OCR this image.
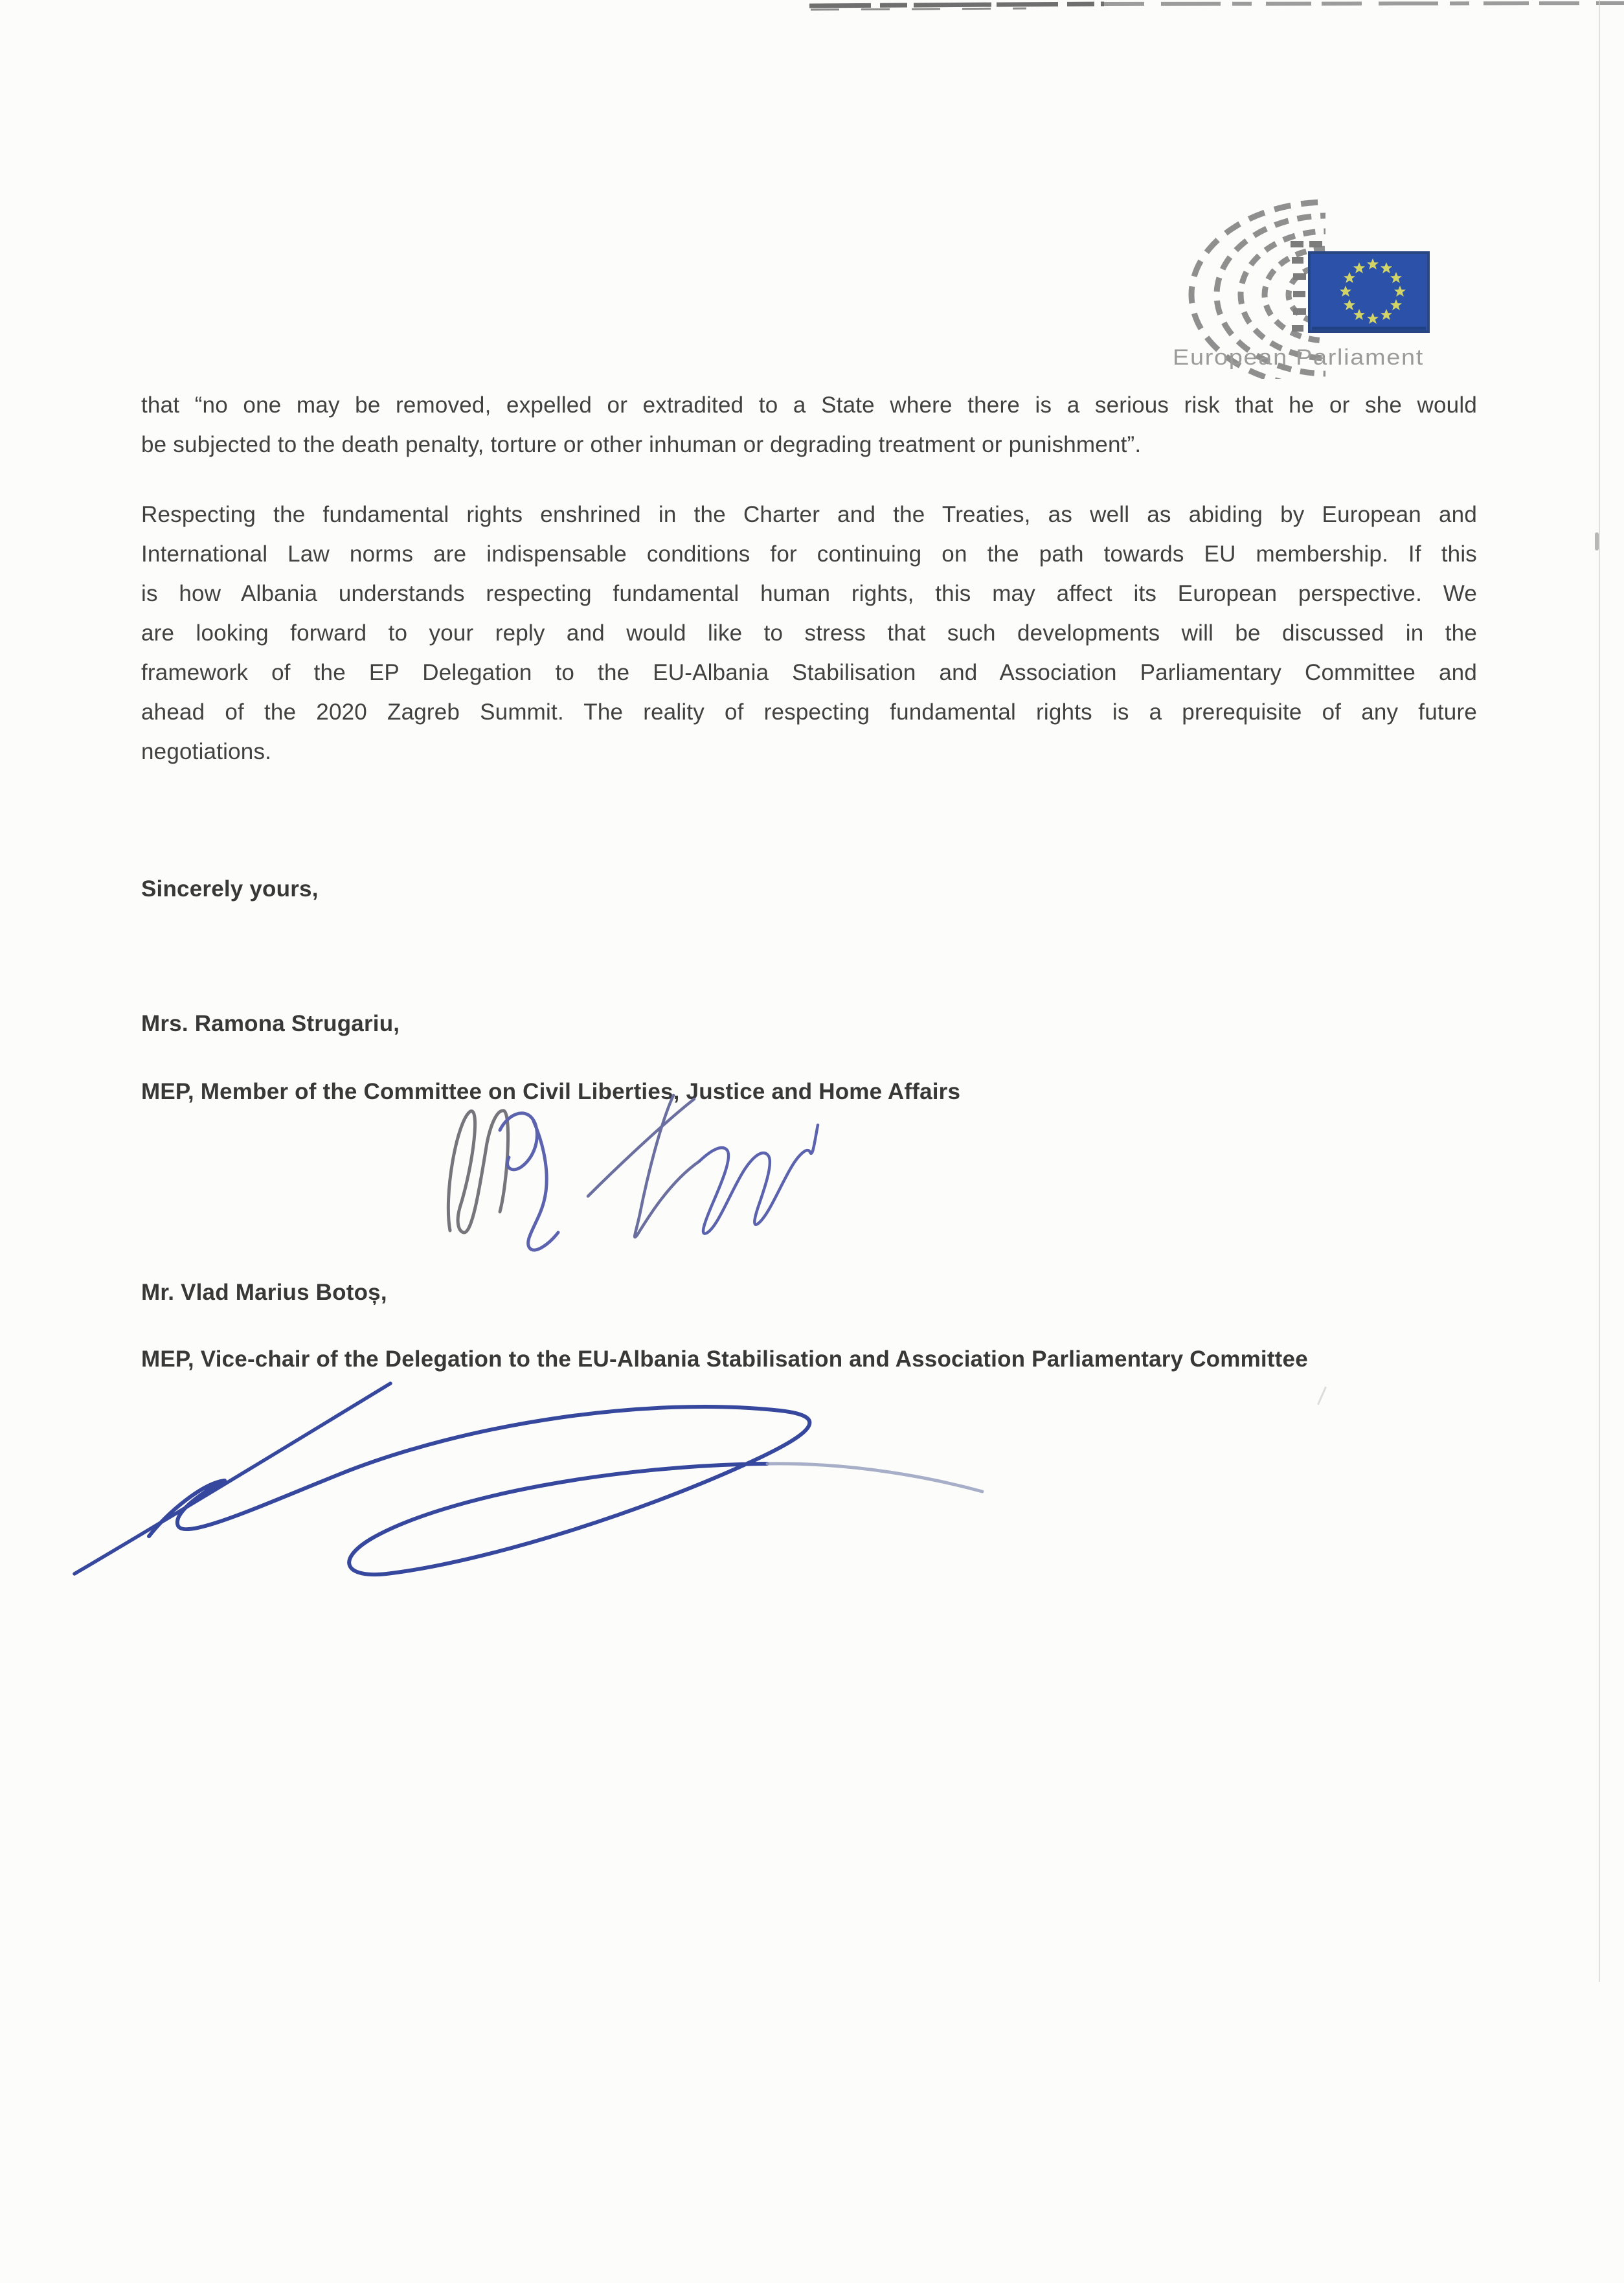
European Parliament
that “no one may be removed, expelled or extradited to a State where there is a serious risk that he or she would
be subjected to the death penalty, torture or other inhuman or degrading treatment or punishment”.
Respecting the fundamental rights enshrined in the Charter and the Treaties, as well as abiding by European and
International Law norms are indispensable conditions for continuing on the path towards EU membership. If this
is how Albania understands respecting fundamental human rights, this may affect its European perspective. We
are looking forward to your reply and would like to stress that such developments will be discussed in the
framework of the EP Delegation to the EU-Albania Stabilisation and Association Parliamentary Committee and
ahead of the 2020 Zagreb Summit. The reality of respecting fundamental rights is a prerequisite of any future
negotiations.
Sincerely yours,
Mrs. Ramona Strugariu,
MEP, Member of the Committee on Civil Liberties, Justice and Home Affairs
Mr. Vlad Marius Botoș,
MEP, Vice-chair of the Delegation to the EU-Albania Stabilisation and Association Parliamentary Committee
